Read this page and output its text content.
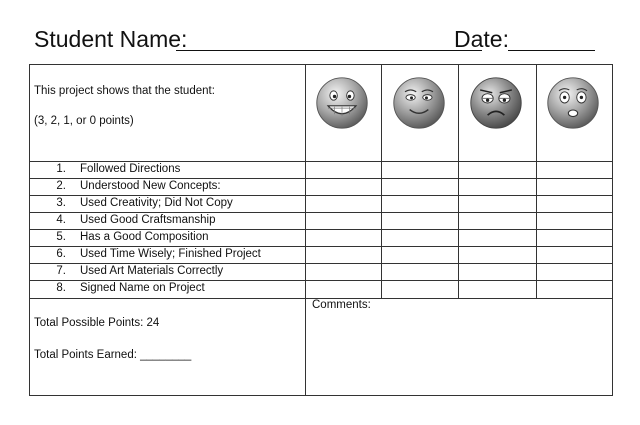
Student Name:	Date:
This project shows that the student:
(3, 2, 1, or 0 points)
1. Followed Directions
2. Understood New Concepts:
3. Used Creativity; Did Not Copy
4. Used Good Craftsmanship
5. Has a Good Composition
6. Used Time Wisely; Finished Project
7. Used Art Materials Correctly
8. Signed Name on Project
Total Possible Points: 24
Total Points Earned: ________
Comments:
